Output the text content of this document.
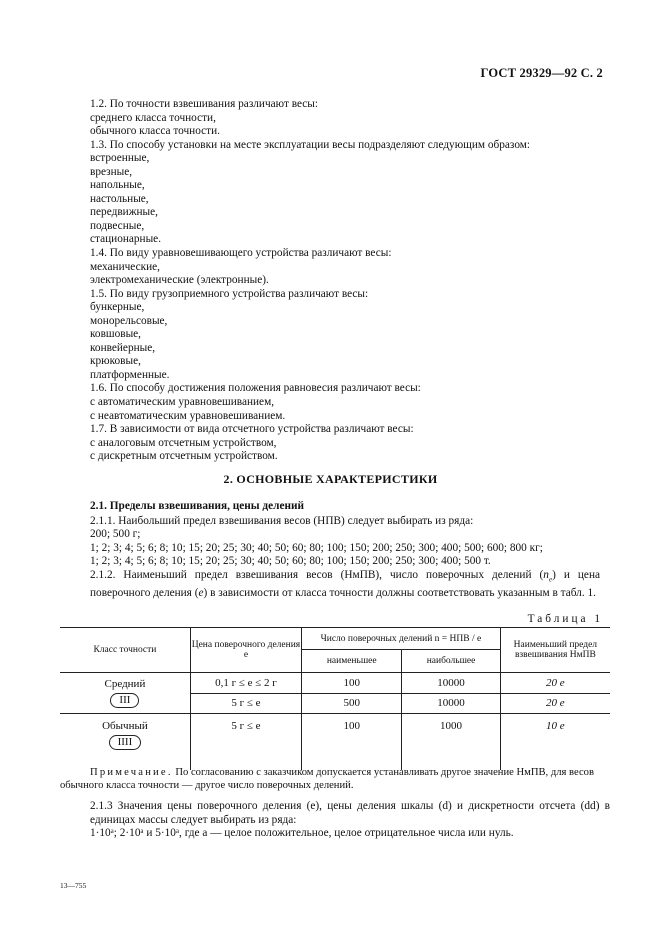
ГОСТ 29329—92 С. 2
1.2. По точности взвешивания различают весы:
среднего класса точности,
обычного класса точности.
1.3. По способу установки на месте эксплуатации весы подразделяют следующим образом:
встроенные,
врезные,
напольные,
настольные,
передвижные,
подвесные,
стационарные.
1.4. По виду уравновешивающего устройства различают весы:
механические,
электромеханические (электронные).
1.5. По виду грузоприемного устройства различают весы:
бункерные,
монорельсовые,
ковшовые,
конвейерные,
крюковые,
платформенные.
1.6. По способу достижения положения равновесия различают весы:
с автоматическим уравновешиванием,
с неавтоматическим уравновешиванием.
1.7. В зависимости от вида отсчетного устройства различают весы:
с аналоговым отсчетным устройством,
с дискретным отсчетным устройством.
2. ОСНОВНЫЕ ХАРАКТЕРИСТИКИ
2.1. Пределы взвешивания, цены делений
2.1.1. Наибольший предел взвешивания весов (НПВ) следует выбирать из ряда:
200; 500 г;
1; 2; 3; 4; 5; 6; 8; 10; 15; 20; 25; 30; 40; 50; 60; 80; 100; 150; 200; 250; 300; 400; 500; 600; 800 кг;
1; 2; 3; 4; 5; 6; 8; 10; 15; 20; 25; 30; 40; 50; 60; 80; 100; 150; 200; 250; 300; 400; 500 т.
2.1.2. Наименьший предел взвешивания весов (НмПВ), число поверочных делений $(n_e)$ и цена поверочного деления (e) в зависимости от класса точности должны соответствовать указанным в табл. 1.
Таблица 1
Класс точности	Цена поверочного деления e	Число поверочных делений n = НПВ / e		Наименьший предел взвешивания НмПВ
		наименьшее	наибольшее	

Средний
III	0,1 г ≤ e ≤ 2 г	100	10000	20 e
	5 г ≤ e	500	10000	20 e

Обычный
IIII	5 г ≤ e	100	1000	10 e
Примечание. По согласованию с заказчиком допускается устанавливать другое значение НмПВ, для весов обычного класса точности — другое число поверочных делений.
2.1.3 Значения цены поверочного деления (e), цены деления шкалы (d) и дискретности отсчета (dd) в единицах массы следует выбирать из ряда:
1·10ᵃ; 2·10ᵃ и 5·10ᵃ, где а — целое положительное, целое отрицательное числа или нуль.
13—755
